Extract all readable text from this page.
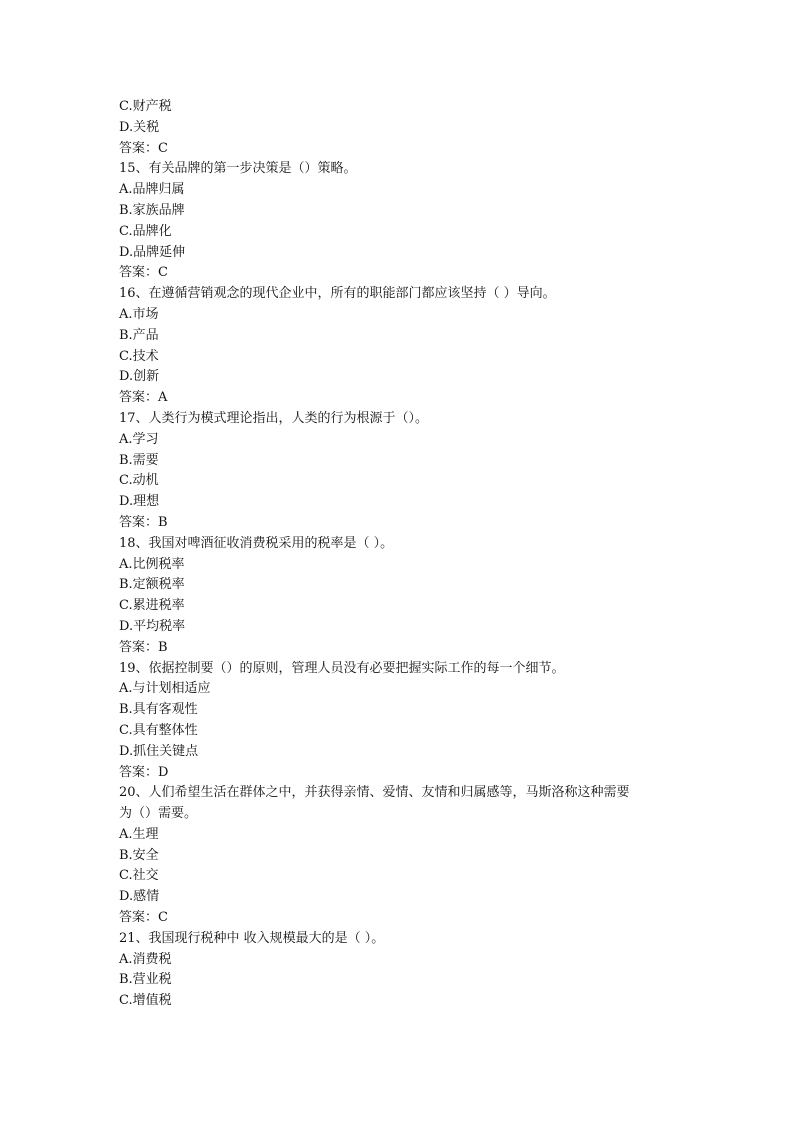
C.财产税
D.关税
答案：C
15、有关品牌的第一步决策是（）策略。
A.品牌归属
B.家族品牌
C.品牌化
D.品牌延伸
答案：C
16、在遵循营销观念的现代企业中，所有的职能部门都应该坚持（ ）导向。
A.市场
B.产品
C.技术
D.创新
答案：A
17、人类行为模式理论指出，人类的行为根源于（）。
A.学习
B.需要
C.动机
D.理想
答案：B
18、我国对啤酒征收消费税采用的税率是（ ）。
A.比例税率
B.定额税率
C.累进税率
D.平均税率
答案：B
19、依据控制要（）的原则，管理人员没有必要把握实际工作的每一个细节。
A.与计划相适应
B.具有客观性
C.具有整体性
D.抓住关键点
答案：D
20、人们希望生活在群体之中，并获得亲情、爱情、友情和归属感等，马斯洛称这种需要
为（）需要。
A.生理
B.安全
C.社交
D.感情
答案：C
21、我国现行税种中 收入规模最大的是（ ）。
A.消费税
B.营业税
C.增值税
